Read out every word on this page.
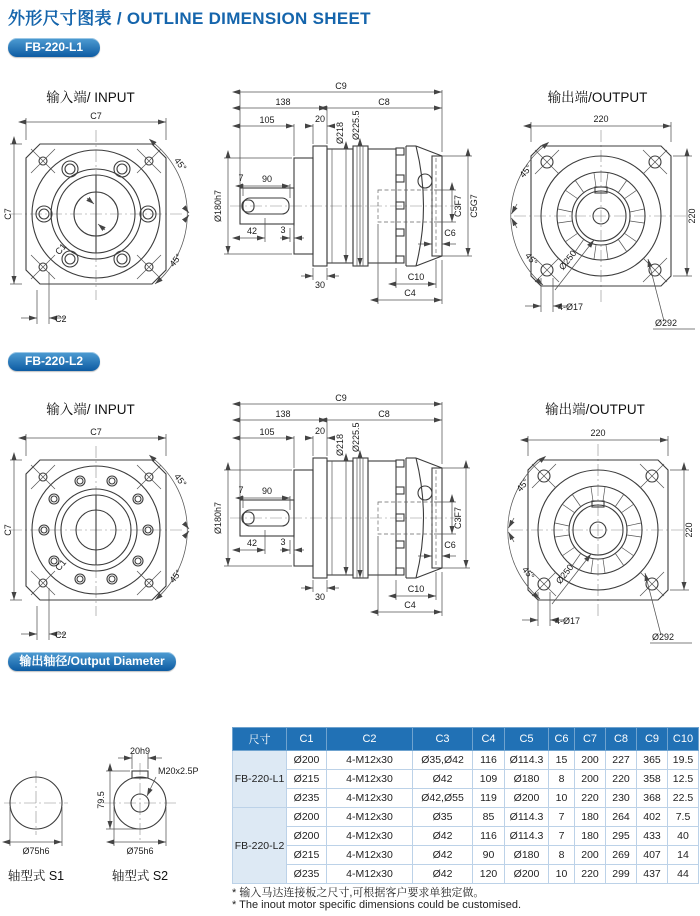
外形尺寸图表 / OUTLINE DIMENSION SHEET
FB-220-L1
输入端/ INPUT	输出端/OUTPUT
C7
C7
C1
C2
45°
45°
C9
138	C8
105	20
Ø218 Ø225.5
7 90
Ø180h7
42	3
30
C10
C4
C3F7 C5G7
C6
220
220
45°
45°
4-Ø17
Ø292
Ø250
FB-220-L2
输入端/ INPUT	输出端/OUTPUT
C7
C7
C1
C2
45°
45°
C9
138	C8
105	20
Ø218 Ø225.5
7 90
Ø180h7
42	3
30
C10
C4
C3F7
C6
220
220
45°
45°
4-Ø17
Ø292
Ø250
输出轴径/Output Diameter
Ø75h6
轴型式 S1
20h9
M20x2.5P
79.5
Ø75h6
轴型式 S2
尺寸	C1	C2	C3	C4	C5	C6	C7	C8	C9	C10
FB-220-L1	Ø200	4-M12x30	Ø35,Ø42	116	Ø114.3	15	200	227	365	19.5
	Ø215	4-M12x30	Ø42	109	Ø180	8	200	220	358	12.5
	Ø235	4-M12x30	Ø42,Ø55	119	Ø200	10	220	230	368	22.5
FB-220-L2	Ø200	4-M12x30	Ø35	85	Ø114.3	7	180	264	402	7.5
	Ø200	4-M12x30	Ø42	116	Ø114.3	7	180	295	433	40
	Ø215	4-M12x30	Ø42	90	Ø180	8	200	269	407	14
	Ø235	4-M12x30	Ø42	120	Ø200	10	220	299	437	44
* 输入马达连接板之尺寸,可根据客户要求单独定做。
* The inout motor specific dimensions could be customised.
